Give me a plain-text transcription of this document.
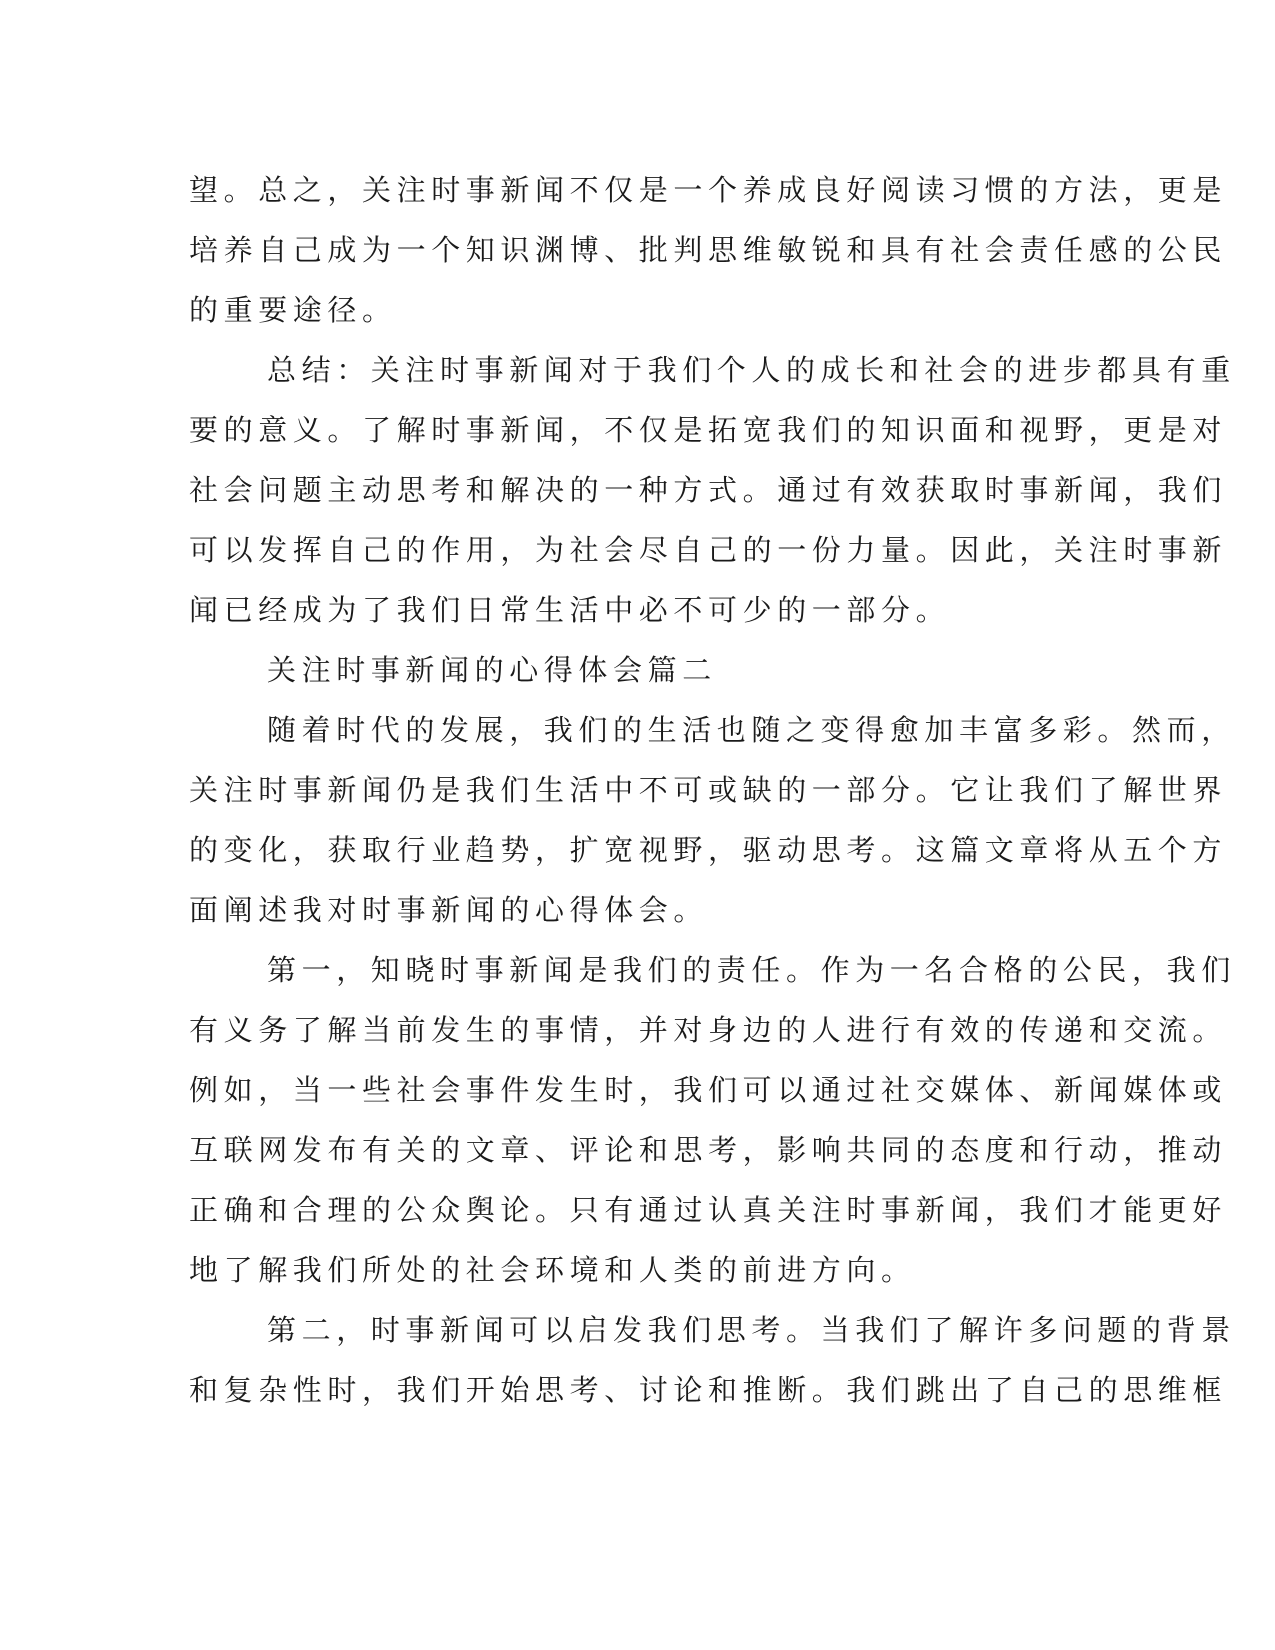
望。总之，关注时事新闻不仅是一个养成良好阅读习惯的方法，更是
培养自己成为一个知识渊博、批判思维敏锐和具有社会责任感的公民
的重要途径。
总结：关注时事新闻对于我们个人的成长和社会的进步都具有重
要的意义。了解时事新闻，不仅是拓宽我们的知识面和视野，更是对
社会问题主动思考和解决的一种方式。通过有效获取时事新闻，我们
可以发挥自己的作用，为社会尽自己的一份力量。因此，关注时事新
闻已经成为了我们日常生活中必不可少的一部分。
关注时事新闻的心得体会篇二
随着时代的发展，我们的生活也随之变得愈加丰富多彩。然而，
关注时事新闻仍是我们生活中不可或缺的一部分。它让我们了解世界
的变化，获取行业趋势，扩宽视野，驱动思考。这篇文章将从五个方
面阐述我对时事新闻的心得体会。
第一，知晓时事新闻是我们的责任。作为一名合格的公民，我们
有义务了解当前发生的事情，并对身边的人进行有效的传递和交流。
例如，当一些社会事件发生时，我们可以通过社交媒体、新闻媒体或
互联网发布有关的文章、评论和思考，影响共同的态度和行动，推动
正确和合理的公众舆论。只有通过认真关注时事新闻，我们才能更好
地了解我们所处的社会环境和人类的前进方向。
第二，时事新闻可以启发我们思考。当我们了解许多问题的背景
和复杂性时，我们开始思考、讨论和推断。我们跳出了自己的思维框
